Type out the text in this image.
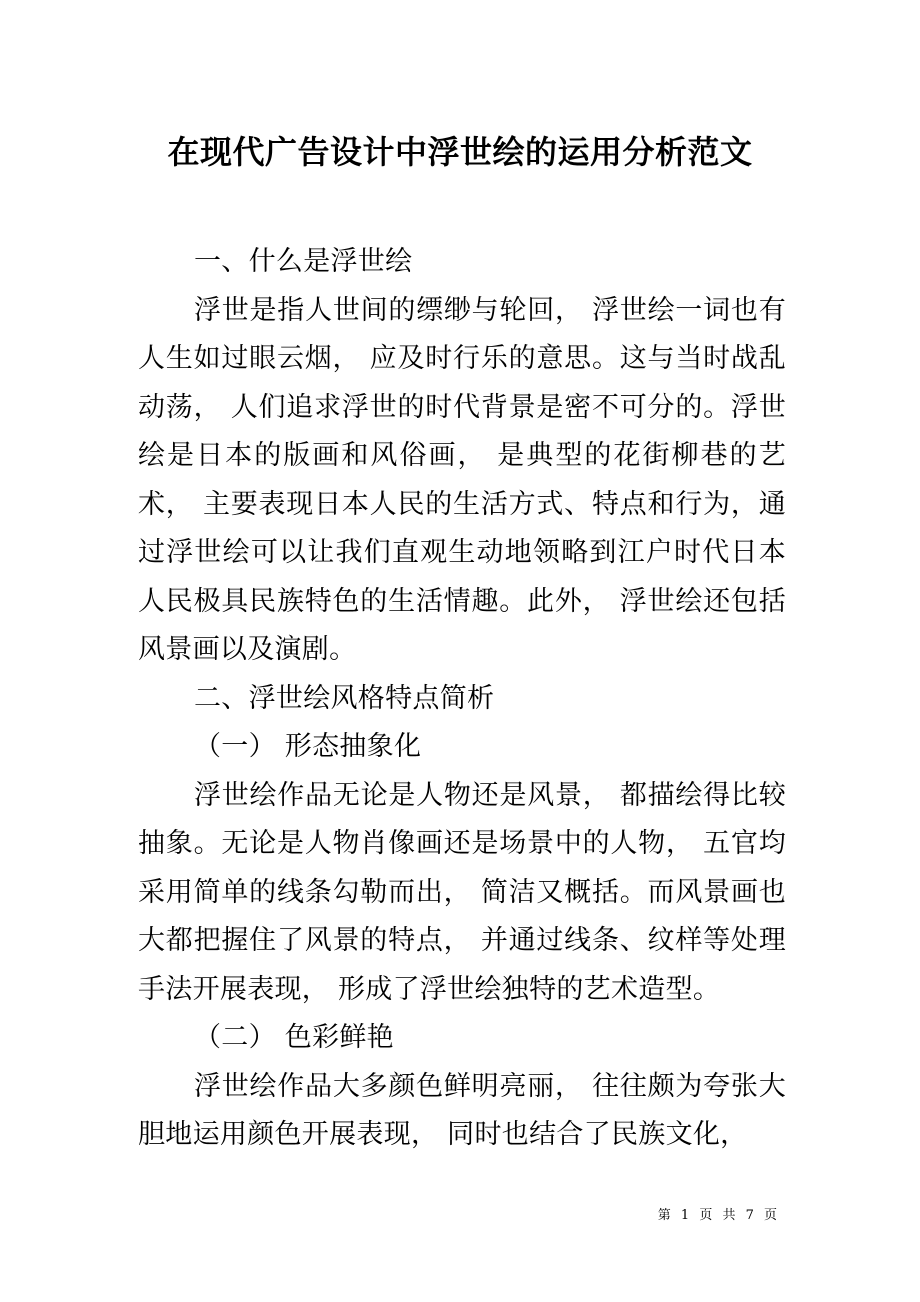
在现代广告设计中浮世绘的运用分析范文

一、什么是浮世绘

浮世是指人世间的缥缈与轮回， 浮世绘一词也有人生如过眼云烟， 应及时行乐的意思。这与当时战乱动荡， 人们追求浮世的时代背景是密不可分的。浮世绘是日本的版画和风俗画， 是典型的花街柳巷的艺术， 主要表现日本人民的生活方式、特点和行为，通过浮世绘可以让我们直观生动地领略到江户时代日本人民极具民族特色的生活情趣。此外， 浮世绘还包括风景画以及演剧。

二、浮世绘风格特点简析

（一） 形态抽象化

浮世绘作品无论是人物还是风景， 都描绘得比较抽象。无论是人物肖像画还是场景中的人物， 五官均采用简单的线条勾勒而出， 简洁又概括。而风景画也大都把握住了风景的特点， 并通过线条、纹样等处理手法开展表现， 形成了浮世绘独特的艺术造型。

（二） 色彩鲜艳

浮世绘作品大多颜色鲜明亮丽， 往往颇为夸张大胆地运用颜色开展表现， 同时也结合了民族文化，

第 1 页 共 7 页
